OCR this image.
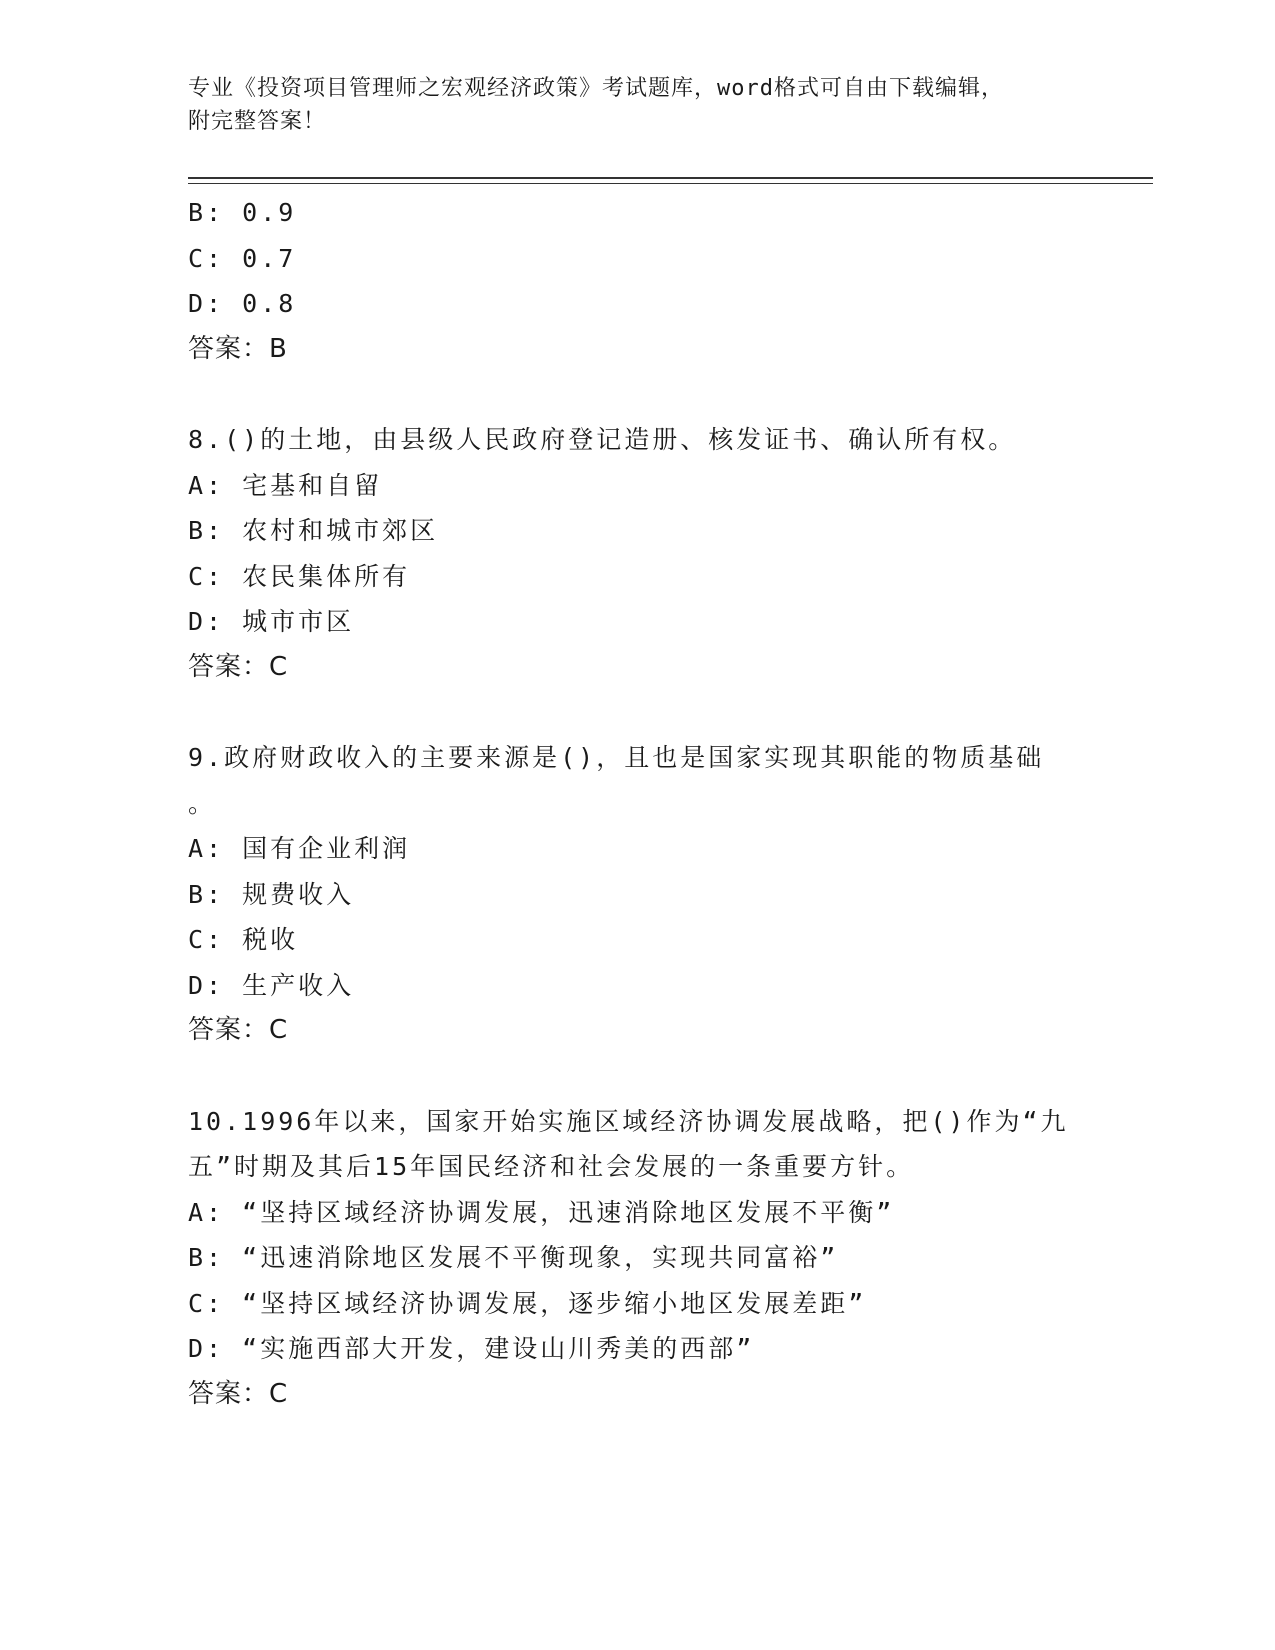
专业《投资项目管理师之宏观经济政策》考试题库，word格式可自由下载编辑，
附完整答案！
B: 0.9
C: 0.7
D: 0.8
答案：B
8.()的土地，由县级人民政府登记造册、核发证书、确认所有权。
A: 宅基和自留
B: 农村和城市郊区
C: 农民集体所有
D: 城市市区
答案：C
9.政府财政收入的主要来源是()，且也是国家实现其职能的物质基础
。
A: 国有企业利润
B: 规费收入
C: 税收
D: 生产收入
答案：C
10.1996年以来，国家开始实施区域经济协调发展战略，把()作为“九
五”时期及其后15年国民经济和社会发展的一条重要方针。
A: “坚持区域经济协调发展，迅速消除地区发展不平衡”
B: “迅速消除地区发展不平衡现象，实现共同富裕”
C: “坚持区域经济协调发展，逐步缩小地区发展差距”
D: “实施西部大开发，建设山川秀美的西部”
答案：C
